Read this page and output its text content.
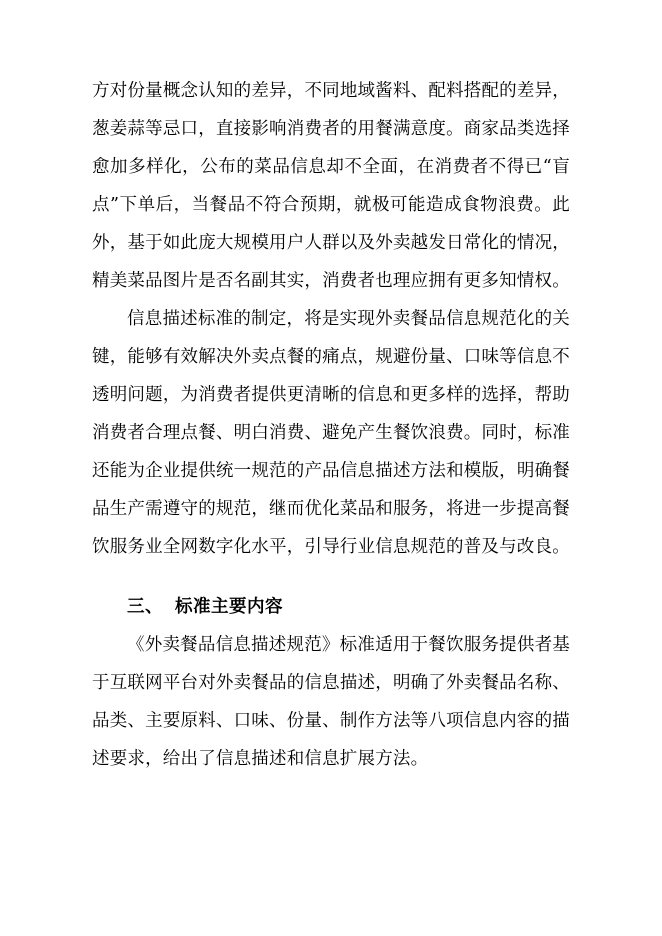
方对份量概念认知的差异，不同地域酱料、配料搭配的差异，葱姜蒜等忌口，直接影响消费者的用餐满意度。商家品类选择愈加多样化，公布的菜品信息却不全面，在消费者不得已“盲点”下单后，当餐品不符合预期，就极可能造成食物浪费。此外，基于如此庞大规模用户人群以及外卖越发日常化的情况，精美菜品图片是否名副其实，消费者也理应拥有更多知情权。

信息描述标准的制定，将是实现外卖餐品信息规范化的关键，能够有效解决外卖点餐的痛点，规避份量、口味等信息不透明问题，为消费者提供更清晰的信息和更多样的选择，帮助消费者合理点餐、明白消费、避免产生餐饮浪费。同时，标准还能为企业提供统一规范的产品信息描述方法和模版，明确餐品生产需遵守的规范，继而优化菜品和服务，将进一步提高餐饮服务业全网数字化水平，引导行业信息规范的普及与改良。

三、 标准主要内容

《外卖餐品信息描述规范》标准适用于餐饮服务提供者基于互联网平台对外卖餐品的信息描述，明确了外卖餐品名称、品类、主要原料、口味、份量、制作方法等八项信息内容的描述要求，给出了信息描述和信息扩展方法。
